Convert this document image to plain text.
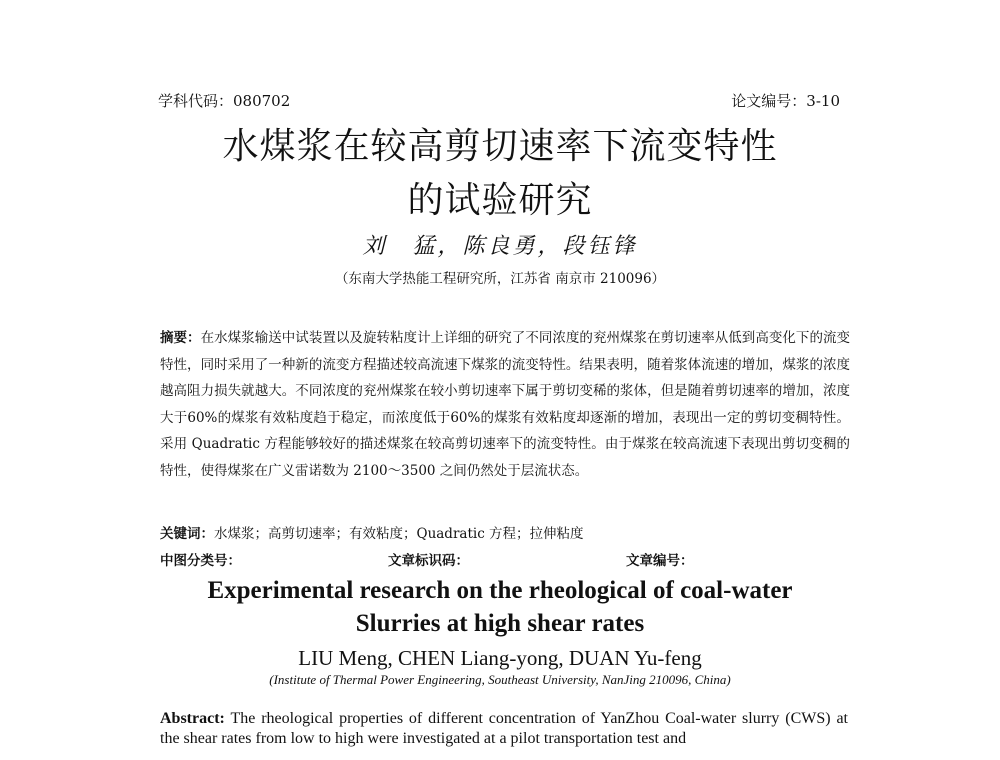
学科代码：080702	论文编号：3-10
水煤浆在较高剪切速率下流变特性
的试验研究
刘　猛，陈良勇，段钰锋
（东南大学热能工程研究所，江苏省 南京市 210096）
摘要：在水煤浆输送中试装置以及旋转粘度计上详细的研究了不同浓度的兖州煤浆在剪切速率从低到高变化下的流变特性，同时采用了一种新的流变方程描述较高流速下煤浆的流变特性。结果表明，随着浆体流速的增加，煤浆的浓度越高阻力损失就越大。不同浓度的兖州煤浆在较小剪切速率下属于剪切变稀的浆体，但是随着剪切速率的增加，浓度大于60%的煤浆有效粘度趋于稳定，而浓度低于60%的煤浆有效粘度却逐渐的增加，表现出一定的剪切变稠特性。采用 Quadratic 方程能够较好的描述煤浆在较高剪切速率下的流变特性。由于煤浆在较高流速下表现出剪切变稠的特性，使得煤浆在广义雷诺数为 2100～3500 之间仍然处于层流状态。
关键词：水煤浆；高剪切速率；有效粘度；Quadratic 方程；拉伸粘度
中图分类号：	文章标识码：	文章编号：
Experimental research on the rheological of coal-water
Slurries at high shear rates
LIU Meng, CHEN Liang-yong, DUAN Yu-feng
(Institute of Thermal Power Engineering, Southeast University, NanJing 210096, China)
Abstract: The rheological properties of different concentration of YanZhou Coal-water slurry (CWS) at the shear rates from low to high were investigated at a pilot transportation test and
